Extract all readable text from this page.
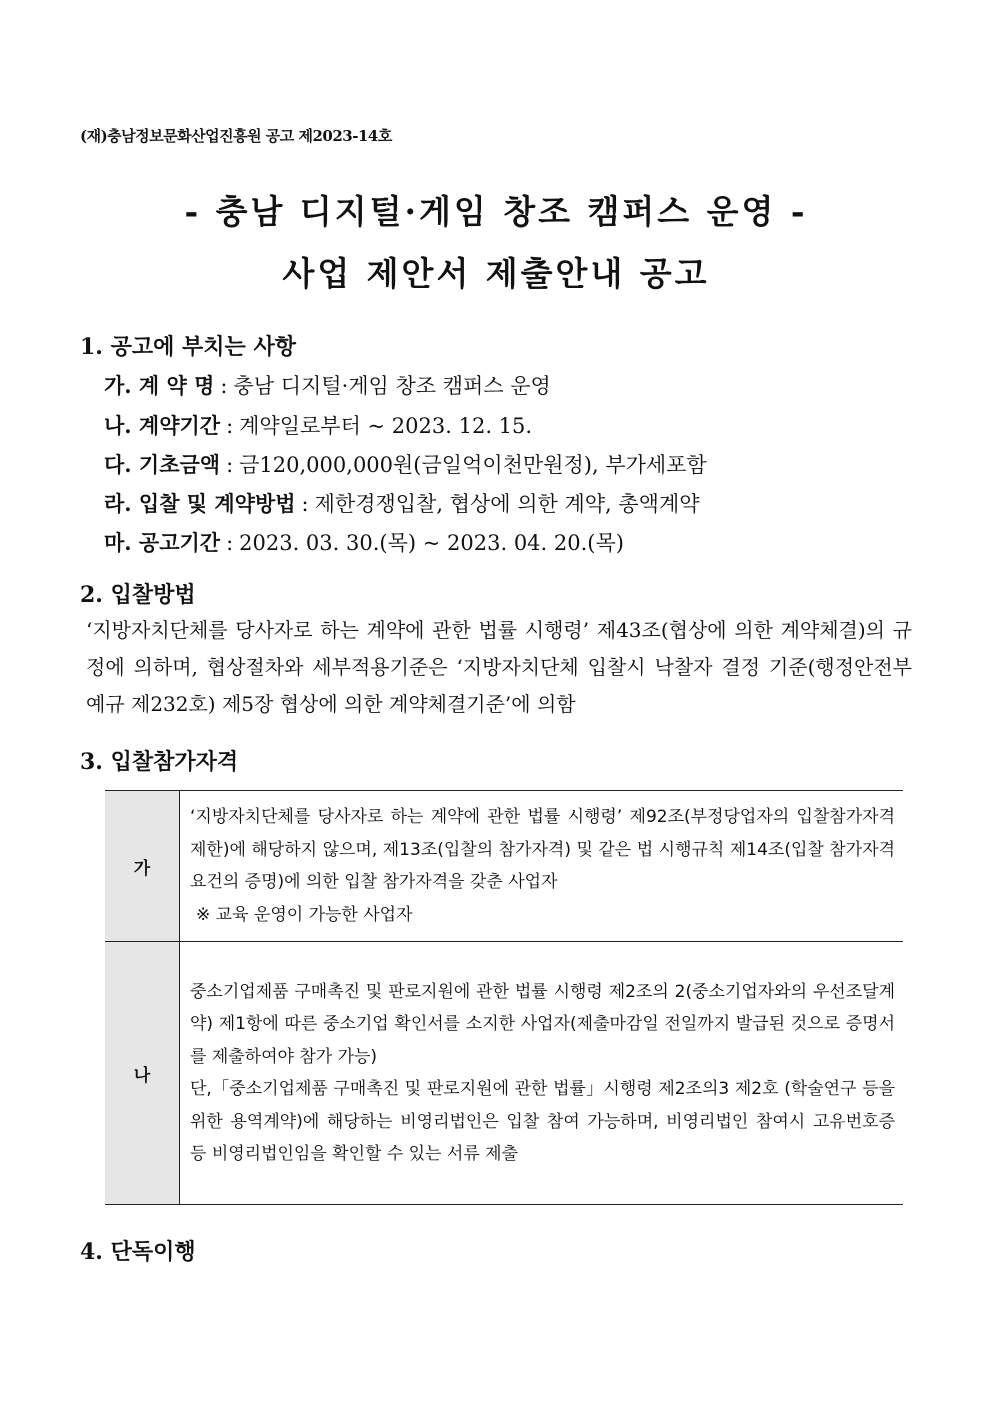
(재)충남정보문화산업진흥원 공고 제2023-14호
- 충남 디지털·게임 창조 캠퍼스 운영 -
사업 제안서 제출안내 공고
1. 공고에 부치는 사항
가. 계 약 명 : 충남 디지털·게임 창조 캠퍼스 운영
나. 계약기간 : 계약일로부터 ~ 2023. 12. 15.
다. 기초금액 : 금120,000,000원(금일억이천만원정), 부가세포함
라. 입찰 및 계약방법 : 제한경쟁입찰, 협상에 의한 계약, 총액계약
마. 공고기간 : 2023. 03. 30.(목) ~ 2023. 04. 20.(목)
2. 입찰방법
‘지방자치단체를 당사자로 하는 계약에 관한 법률 시행령’ 제43조(협상에 의한 계약체결)의 규정에 의하며, 협상절차와 세부적용기준은 ‘지방자치단체 입찰시 낙찰자 결정 기준(행정안전부 예규 제232호) 제5장 협상에 의한 계약체결기준’에 의함
3. 입찰참가자격
가	‘지방자치단체를 당사자로 하는 계약에 관한 법률 시행령’ 제92조(부정당업자의 입찰참가자격 제한)에 해당하지 않으며, 제13조(입찰의 참가자격) 및 같은 법 시행규칙 제14조(입찰 참가자격 요건의 증명)에 의한 입찰 참가자격을 갖춘 사업자
※ 교육 운영이 가능한 사업자

나	중소기업제품 구매촉진 및 판로지원에 관한 법률 시행령 제2조의 2(중소기업자와의 우선조달계약) 제1항에 따른 중소기업 확인서를 소지한 사업자(제출마감일 전일까지 발급된 것으로 증명서를 제출하여야 참가 가능)
단,「중소기업제품 구매촉진 및 판로지원에 관한 법률」시행령 제2조의3 제2호 (학술연구 등을 위한 용역계약)에 해당하는 비영리법인은 입찰 참여 가능하며, 비영리법인 참여시 고유번호증 등 비영리법인임을 확인할 수 있는 서류 제출
4. 단독이행
